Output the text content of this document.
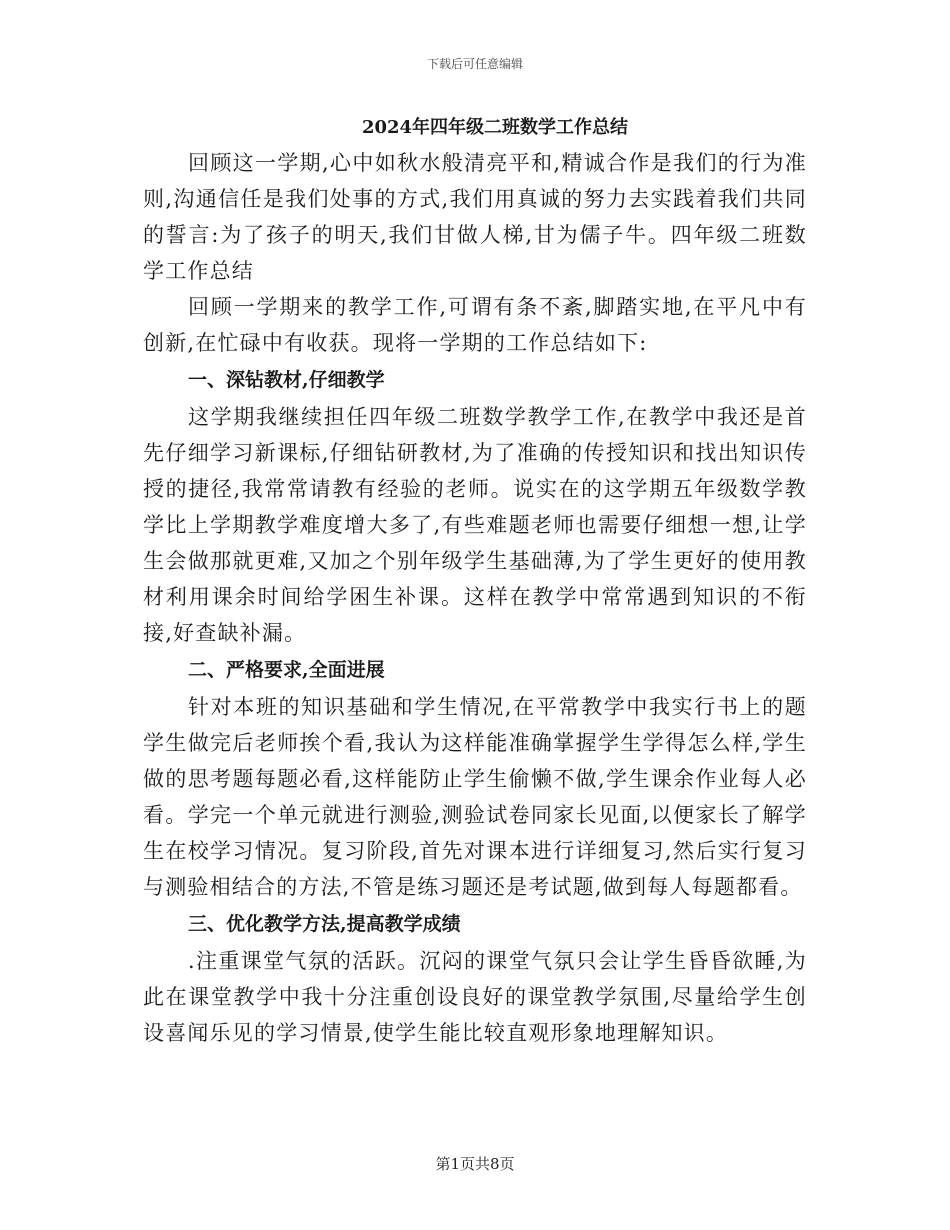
下载后可任意编辑
2024年四年级二班数学工作总结

回顾这一学期,心中如秋水般清亮平和,精诚合作是我们的行为准则,沟通信任是我们处事的方式,我们用真诚的努力去实践着我们共同的誓言:为了孩子的明天,我们甘做人梯,甘为儒子牛。四年级二班数学工作总结

回顾一学期来的教学工作,可谓有条不紊,脚踏实地,在平凡中有创新,在忙碌中有收获。现将一学期的工作总结如下:

一、深钻教材,仔细教学

这学期我继续担任四年级二班数学教学工作,在教学中我还是首先仔细学习新课标,仔细钻研教材,为了准确的传授知识和找出知识传授的捷径,我常常请教有经验的老师。说实在的这学期五年级数学教学比上学期教学难度增大多了,有些难题老师也需要仔细想一想,让学生会做那就更难,又加之个别年级学生基础薄,为了学生更好的使用教材利用课余时间给学困生补课。这样在教学中常常遇到知识的不衔接,好查缺补漏。

二、严格要求,全面进展

针对本班的知识基础和学生情况,在平常教学中我实行书上的题学生做完后老师挨个看,我认为这样能准确掌握学生学得怎么样,学生做的思考题每题必看,这样能防止学生偷懒不做,学生课余作业每人必看。学完一个单元就进行测验,测验试卷同家长见面,以便家长了解学生在校学习情况。复习阶段,首先对课本进行详细复习,然后实行复习与测验相结合的方法,不管是练习题还是考试题,做到每人每题都看。

三、优化教学方法,提高教学成绩

.注重课堂气氛的活跃。沉闷的课堂气氛只会让学生昏昏欲睡,为此在课堂教学中我十分注重创设良好的课堂教学氛围,尽量给学生创设喜闻乐见的学习情景,使学生能比较直观形象地理解知识。

第1页共8页
